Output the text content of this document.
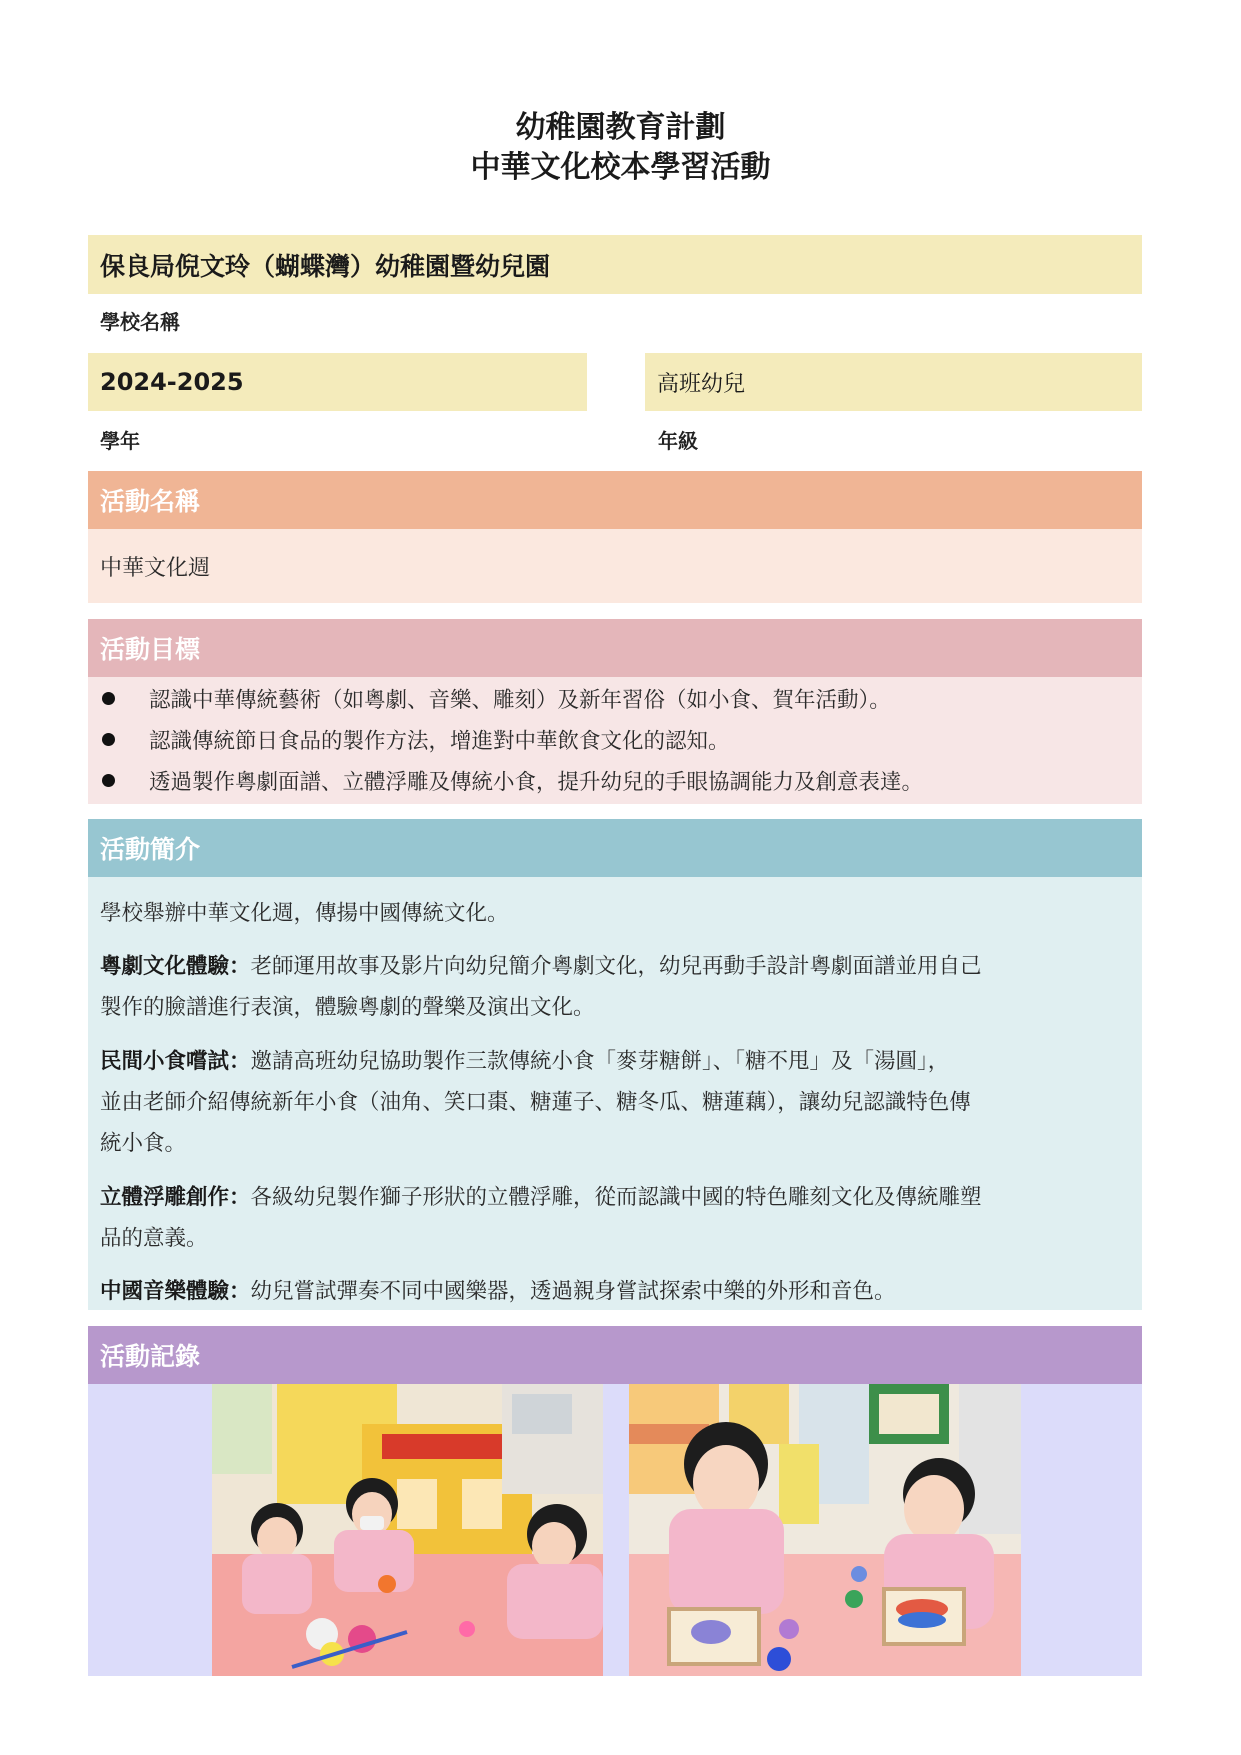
幼稚園教育計劃
中華文化校本學習活動
保良局倪文玲（蝴蝶灣）幼稚園暨幼兒園
學校名稱
2024-2025
學年
高班幼兒
年級
活動名稱
中華文化週
活動目標
認識中華傳統藝術（如粵劇、音樂、雕刻）及新年習俗（如小食、賀年活動）。
認識傳統節日食品的製作方法，增進對中華飲食文化的認知。
透過製作粵劇面譜、立體浮雕及傳統小食，提升幼兒的手眼協調能力及創意表達。
活動簡介

學校舉辦中華文化週，傳揚中國傳統文化。

粵劇文化體驗：老師運用故事及影片向幼兒簡介粵劇文化，幼兒再動手設計粵劇面譜並用自己
製作的臉譜進行表演，體驗粵劇的聲樂及演出文化。

民間小食嚐試：邀請高班幼兒協助製作三款傳統小食「麥芽糖餅」、「糖不甩」及「湯圓」，
並由老師介紹傳統新年小食（油角、笑口棗、糖蓮子、糖冬瓜、糖蓮藕），讓幼兒認識特色傳
統小食。

立體浮雕創作：各級幼兒製作獅子形狀的立體浮雕，從而認識中國的特色雕刻文化及傳統雕塑
品的意義。

中國音樂體驗：幼兒嘗試彈奏不同中國樂器，透過親身嘗試探索中樂的外形和音色。

活動記錄
